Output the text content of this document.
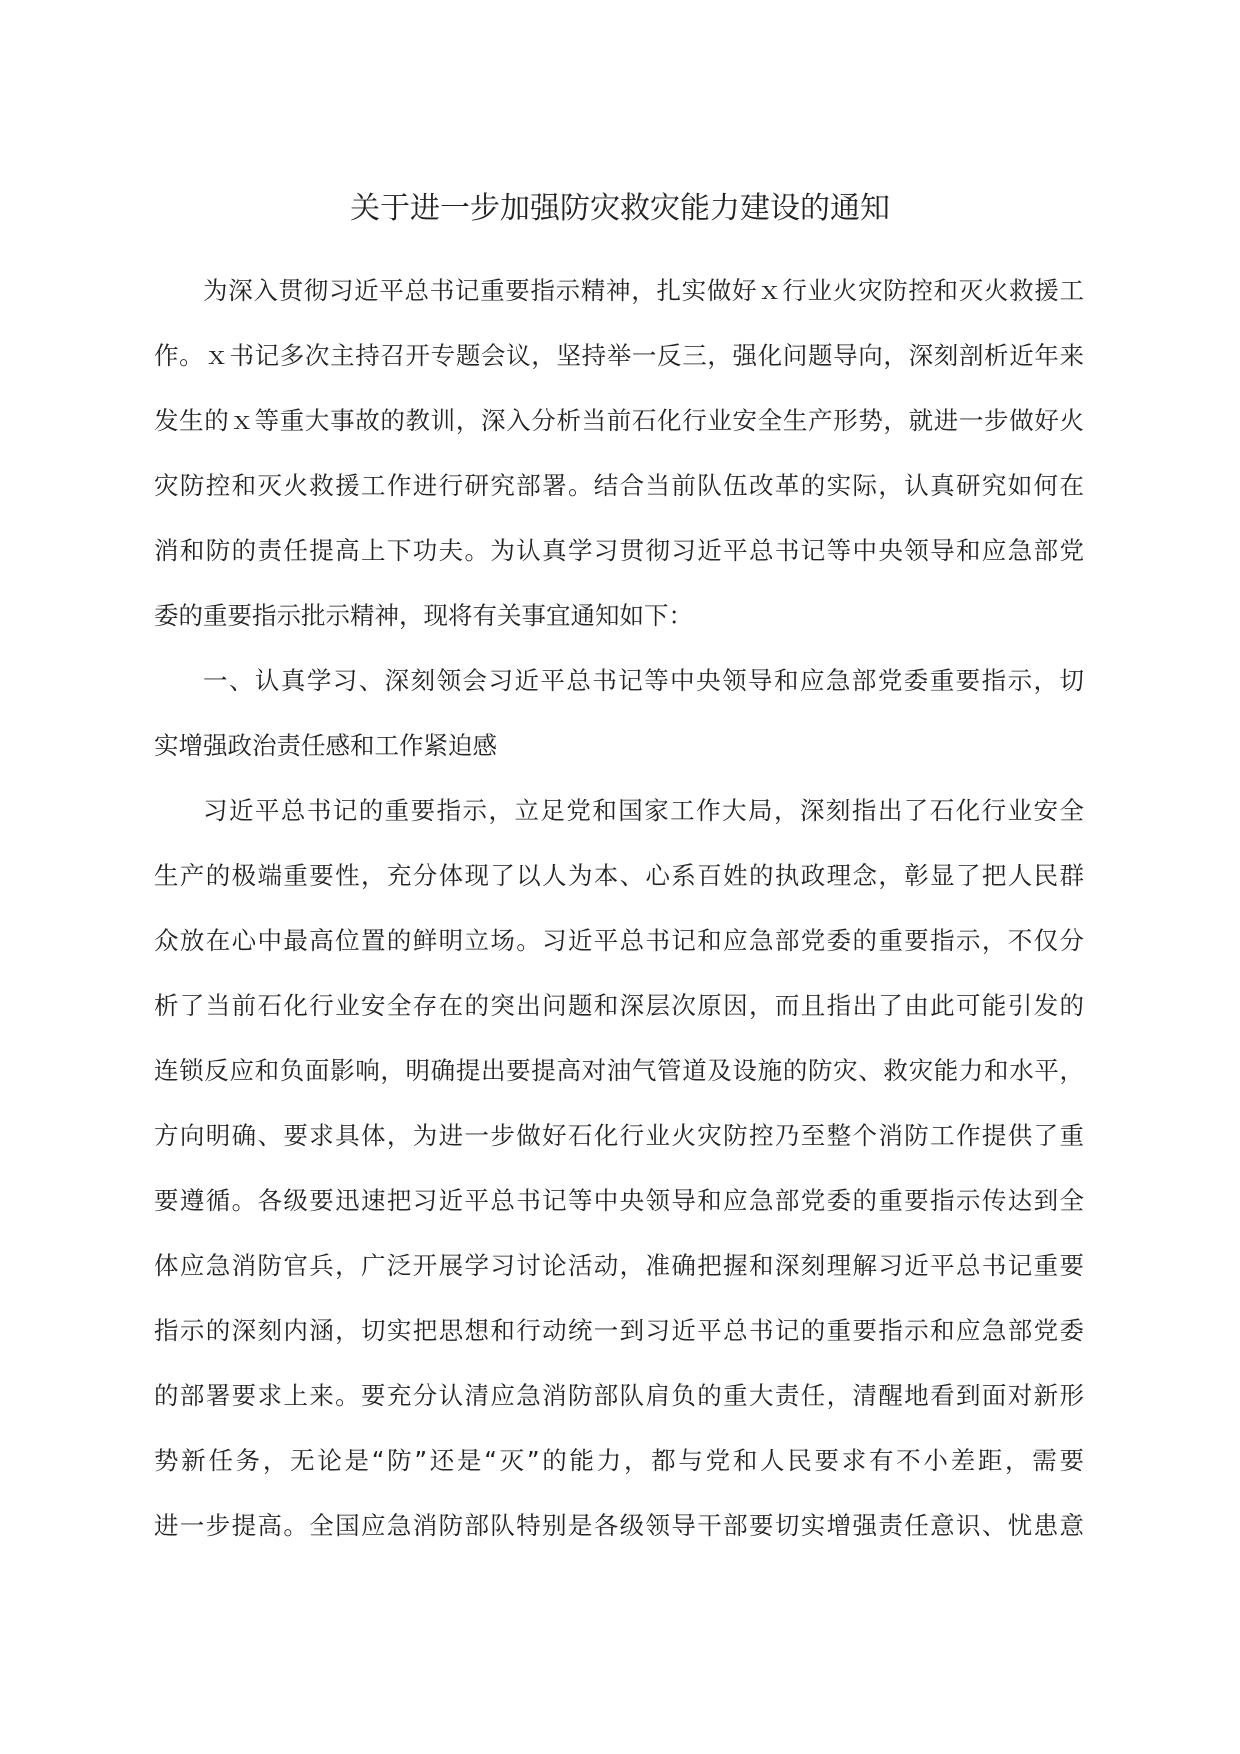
关于进一步加强防灾救灾能力建设的通知
为深入贯彻习近平总书记重要指示精神，扎实做好ｘ行业火灾防控和灭火救援工
作。ｘ书记多次主持召开专题会议，坚持举一反三，强化问题导向，深刻剖析近年来
发生的ｘ等重大事故的教训，深入分析当前石化行业安全生产形势，就进一步做好火
灾防控和灭火救援工作进行研究部署。结合当前队伍改革的实际，认真研究如何在
消和防的责任提高上下功夫。为认真学习贯彻习近平总书记等中央领导和应急部党
委的重要指示批示精神，现将有关事宜通知如下：
一、认真学习、深刻领会习近平总书记等中央领导和应急部党委重要指示，切
实增强政治责任感和工作紧迫感
习近平总书记的重要指示，立足党和国家工作大局，深刻指出了石化行业安全
生产的极端重要性，充分体现了以人为本、心系百姓的执政理念，彰显了把人民群
众放在心中最高位置的鲜明立场。习近平总书记和应急部党委的重要指示，不仅分
析了当前石化行业安全存在的突出问题和深层次原因，而且指出了由此可能引发的
连锁反应和负面影响，明确提出要提高对油气管道及设施的防灾、救灾能力和水平，
方向明确、要求具体，为进一步做好石化行业火灾防控乃至整个消防工作提供了重
要遵循。各级要迅速把习近平总书记等中央领导和应急部党委的重要指示传达到全
体应急消防官兵，广泛开展学习讨论活动，准确把握和深刻理解习近平总书记重要
指示的深刻内涵，切实把思想和行动统一到习近平总书记的重要指示和应急部党委
的部署要求上来。要充分认清应急消防部队肩负的重大责任，清醒地看到面对新形
势新任务，无论是“防”还是“灭”的能力，都与党和人民要求有不小差距，需要
进一步提高。全国应急消防部队特别是各级领导干部要切实增强责任意识、忧患意
